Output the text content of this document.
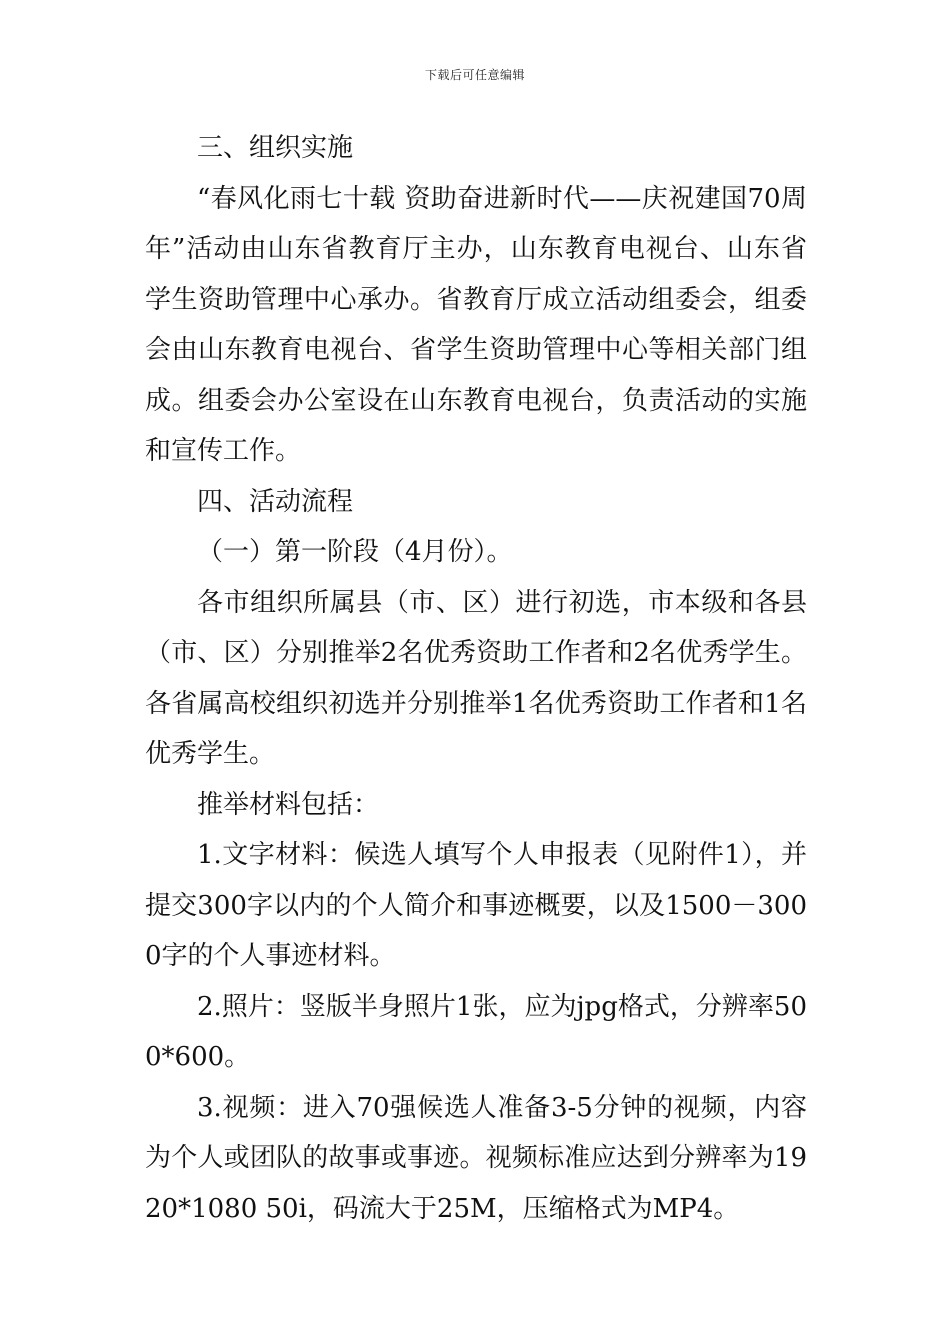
下载后可任意编辑

三、组织实施

“春风化雨七十载 资助奋进新时代——庆祝建国70周年”活动由山东省教育厅主办，山东教育电视台、山东省学生资助管理中心承办。省教育厅成立活动组委会，组委会由山东教育电视台、省学生资助管理中心等相关部门组成。组委会办公室设在山东教育电视台，负责活动的实施和宣传工作。

四、活动流程

（一）第一阶段（4月份）。

各市组织所属县（市、区）进行初选，市本级和各县（市、区）分别推举2名优秀资助工作者和2名优秀学生。各省属高校组织初选并分别推举1名优秀资助工作者和1名优秀学生。

推举材料包括：

1.文字材料：候选人填写个人申报表（见附件1），并提交300字以内的个人简介和事迹概要，以及1500－3000字的个人事迹材料。

2.照片：竖版半身照片1张，应为jpg格式，分辨率500*600。

3.视频：进入70强候选人准备3-5分钟的视频，内容为个人或团队的故事或事迹。视频标准应达到分辨率为1920*1080 50i，码流大于25M，压缩格式为MP4。
